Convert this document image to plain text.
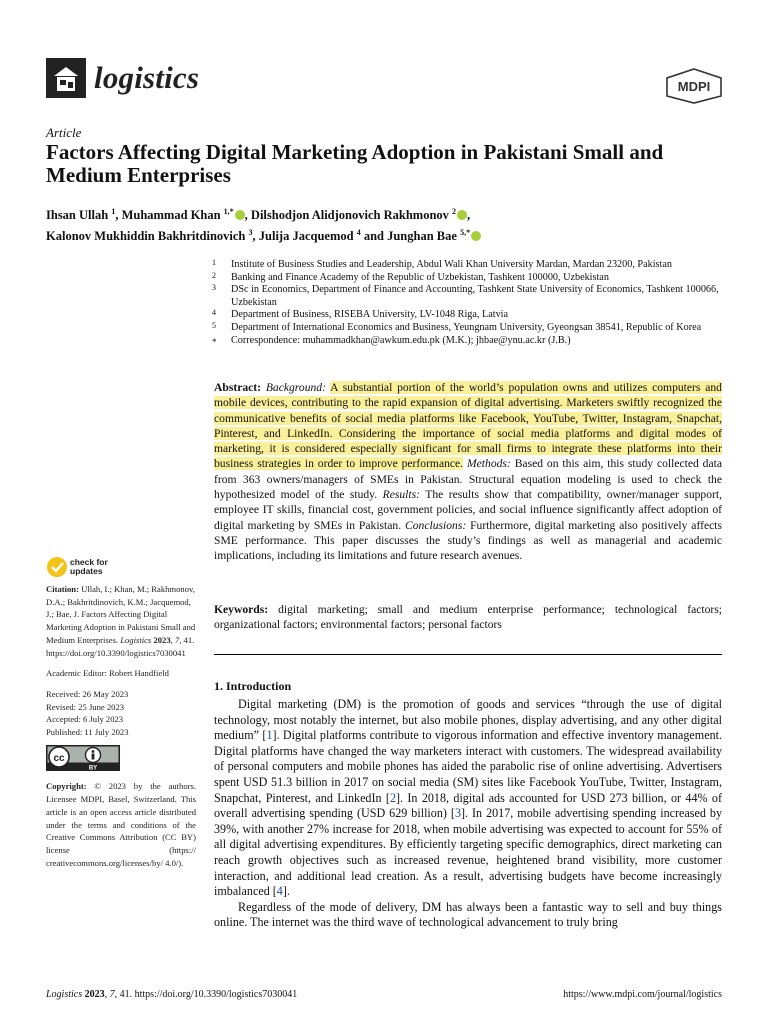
logistics	MDPI
Article
Factors Affecting Digital Marketing Adoption in Pakistani Small and Medium Enterprises
Ihsan Ullah $^1$, Muhammad Khan $^{1,*}$ , Dilshodjon Alidjonovich Rakhmonov $^2$ ,
Kalonov Mukhiddin Bakhritdinovich $^3$, Julija Jacquemod $^4$ and Junghan Bae $^{5,*}$
1 Institute of Business Studies and Leadership, Abdul Wali Khan University Mardan, Mardan 23200, Pakistan
2 Banking and Finance Academy of the Republic of Uzbekistan, Tashkent 100000, Uzbekistan
3 DSc in Economics, Department of Finance and Accounting, Tashkent State University of Economics, Tashkent 100066, Uzbekistan
4 Department of Business, RISEBA University, LV-1048 Riga, Latvia
5 Department of International Economics and Business, Yeungnam University, Gyeongsan 38541, Republic of Korea
* Correspondence: muhammadkhan@awkum.edu.pk (M.K.); jhbae@ynu.ac.kr (J.B.)
Abstract: Background: A substantial portion of the world’s population owns and utilizes computers and mobile devices, contributing to the rapid expansion of digital advertising. Marketers swiftly recognized the communicative benefits of social media platforms like Facebook, YouTube, Twitter, Instagram, Snapchat, Pinterest, and LinkedIn. Considering the importance of social media platforms and digital modes of marketing, it is considered especially significant for small firms to integrate these platforms into their business strategies in order to improve performance. Methods: Based on this aim, this study collected data from 363 owners/managers of SMEs in Pakistan. Structural equation modeling is used to check the hypothesized model of the study. Results: The results show that compatibility, owner/manager support, employee IT skills, financial cost, government policies, and social influence significantly affect adoption of digital marketing by SMEs in Pakistan. Conclusions: Furthermore, digital marketing also positively affects SME performance. This paper discusses the study’s findings as well as managerial and academic implications, including its limitations and future research avenues.
Keywords: digital marketing; small and medium enterprise performance; technological factors; organizational factors; environmental factors; personal factors
check for
updates

Citation: Ullah, I.; Khan, M.; Rakhmonov, D.A.; Bakhritdinovich, K.M.; Jacquemod, J.; Bae, J. Factors Affecting Digital Marketing Adoption in Pakistani Small and Medium Enterprises. Logistics 2023, 7, 41. https://doi.org/10.3390/logistics7030041

Academic Editor: Robert Handfield

Received: 26 May 2023

Revised: 25 June 2023

Accepted: 6 July 2023

Published: 11 July 2023

cc
BY

Copyright: © 2023 by the authors. Licensee MDPI, Basel, Switzerland. This article is an open access article distributed under the terms and conditions of the Creative Commons Attribution (CC BY) license (https:// creativecommons.org/licenses/by/ 4.0/).

1. Introduction

Digital marketing (DM) is the promotion of goods and services “through the use of digital technology, most notably the internet, but also mobile phones, display advertising, and any other digital medium” [1]. Digital platforms contribute to vigorous information and effective inventory management. Digital platforms have changed the way marketers interact with customers. The widespread availability of personal computers and mobile phones has aided the parabolic rise of online advertising. Advertisers spent USD 51.3 billion in 2017 on social media (SM) sites like Facebook YouTube, Twitter, Instagram, Snapchat, Pinterest, and LinkedIn [2]. In 2018, digital ads accounted for USD 273 billion, or 44% of overall advertising spending (USD 629 billion) [3]. In 2017, mobile advertising spending increased by 39%, with another 27% increase for 2018, when mobile advertising was expected to account for 55% of all digital advertising expenditures. By efficiently targeting specific demographics, direct marketing can reach growth objectives such as increased revenue, heightened brand visibility, more customer interaction, and additional lead creation. As a result, advertising budgets have become increasingly imbalanced [4].

Regardless of the mode of delivery, DM has always been a fantastic way to sell and buy things online. The internet was the third wave of technological advancement to truly bring

Logistics 2023, 7, 41. https://doi.org/10.3390/logistics7030041	https://www.mdpi.com/journal/logistics
